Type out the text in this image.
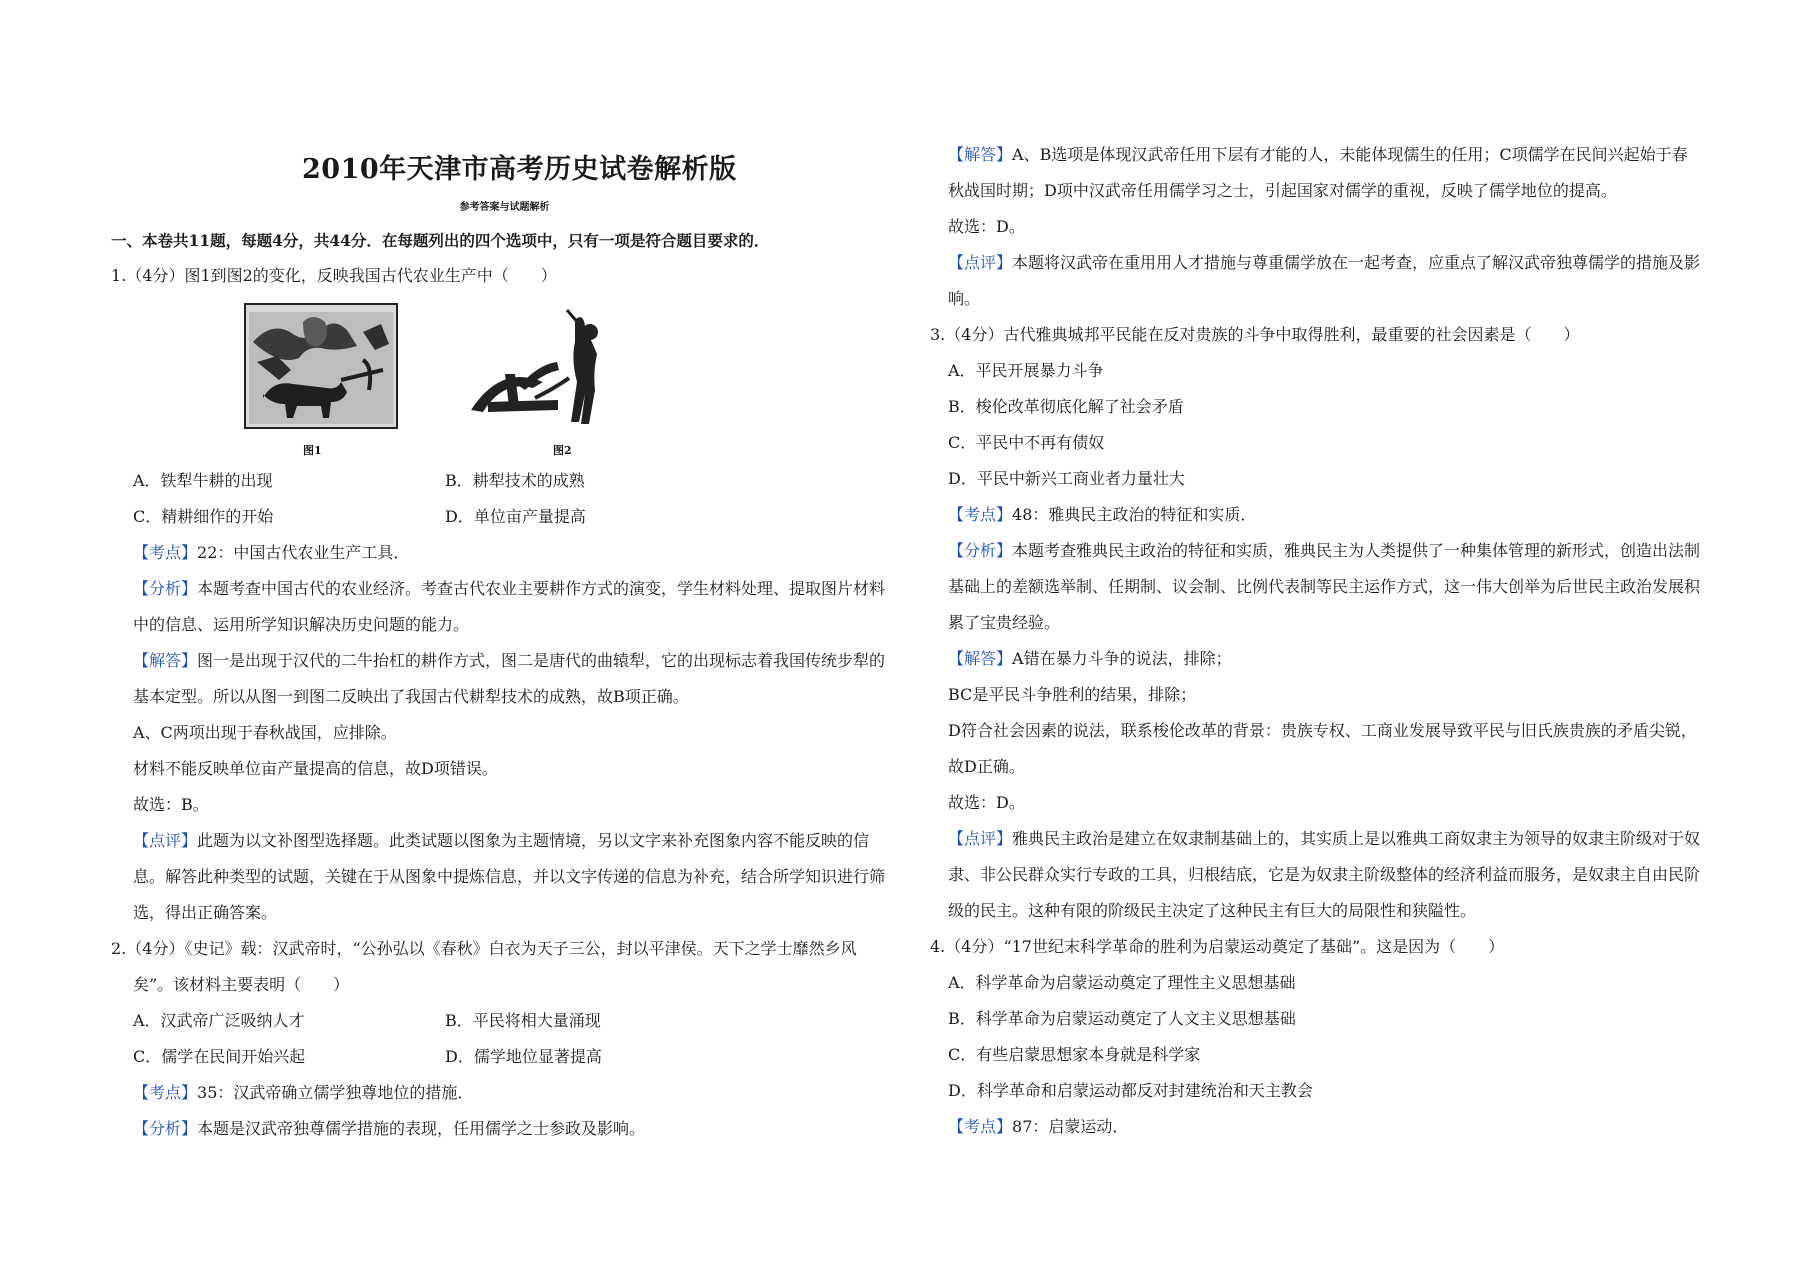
2010年天津市高考历史试卷解析版
参考答案与试题解析
一、本卷共11题，每题4分，共44分．在每题列出的四个选项中，只有一项是符合题目要求的．
1.（4分）图1到图2的变化，反映我国古代农业生产中（　　）
图1	图2
A．铁犁牛耕的出现	B．耕犁技术的成熟
C．精耕细作的开始	D．单位亩产量提高
【考点】22：中国古代农业生产工具．
【分析】本题考查中国古代的农业经济。考查古代农业主要耕作方式的演变，学生材料处理、提取图片材料
中的信息、运用所学知识解决历史问题的能力。
【解答】图一是出现于汉代的二牛抬杠的耕作方式，图二是唐代的曲辕犁，它的出现标志着我国传统步犁的
基本定型。所以从图一到图二反映出了我国古代耕犁技术的成熟，故B项正确。
A、C两项出现于春秋战国，应排除。
材料不能反映单位亩产量提高的信息，故D项错误。
故选：B。
【点评】此题为以文补图型选择题。此类试题以图象为主题情境，另以文字来补充图象内容不能反映的信
息。解答此种类型的试题，关键在于从图象中提炼信息，并以文字传递的信息为补充，结合所学知识进行筛
选，得出正确答案。
2.（4分）《史记》载：汉武帝时，“公孙弘以《春秋》白衣为天子三公，封以平津侯。天下之学士靡然乡风
矣”。该材料主要表明（　　）
A．汉武帝广泛吸纳人才	B．平民将相大量涌现
C．儒学在民间开始兴起	D．儒学地位显著提高
【考点】35：汉武帝确立儒学独尊地位的措施．
【分析】本题是汉武帝独尊儒学措施的表现，任用儒学之士参政及影响。
【解答】A、B选项是体现汉武帝任用下层有才能的人，未能体现儒生的任用；C项儒学在民间兴起始于春
秋战国时期；D项中汉武帝任用儒学习之士，引起国家对儒学的重视，反映了儒学地位的提高。
故选：D。
【点评】本题将汉武帝在重用用人才措施与尊重儒学放在一起考查，应重点了解汉武帝独尊儒学的措施及影
响。
3.（4分）古代雅典城邦平民能在反对贵族的斗争中取得胜利，最重要的社会因素是（　　）
A．平民开展暴力斗争
B．梭伦改革彻底化解了社会矛盾
C．平民中不再有债奴
D．平民中新兴工商业者力量壮大
【考点】48：雅典民主政治的特征和实质．
【分析】本题考查雅典民主政治的特征和实质，雅典民主为人类提供了一种集体管理的新形式，创造出法制
基础上的差额选举制、任期制、议会制、比例代表制等民主运作方式，这一伟大创举为后世民主政治发展积
累了宝贵经验。
【解答】A错在暴力斗争的说法，排除；
BC是平民斗争胜利的结果，排除；
D符合社会因素的说法，联系梭伦改革的背景：贵族专权、工商业发展导致平民与旧氏族贵族的矛盾尖锐，
故D正确。
故选：D。
【点评】雅典民主政治是建立在奴隶制基础上的，其实质上是以雅典工商奴隶主为领导的奴隶主阶级对于奴
隶、非公民群众实行专政的工具，归根结底，它是为奴隶主阶级整体的经济利益而服务，是奴隶主自由民阶
级的民主。这种有限的阶级民主决定了这种民主有巨大的局限性和狭隘性。
4.（4分）“17世纪末科学革命的胜利为启蒙运动奠定了基础”。这是因为（　　）
A．科学革命为启蒙运动奠定了理性主义思想基础
B．科学革命为启蒙运动奠定了人文主义思想基础
C．有些启蒙思想家本身就是科学家
D．科学革命和启蒙运动都反对封建统治和天主教会
【考点】87：启蒙运动．
